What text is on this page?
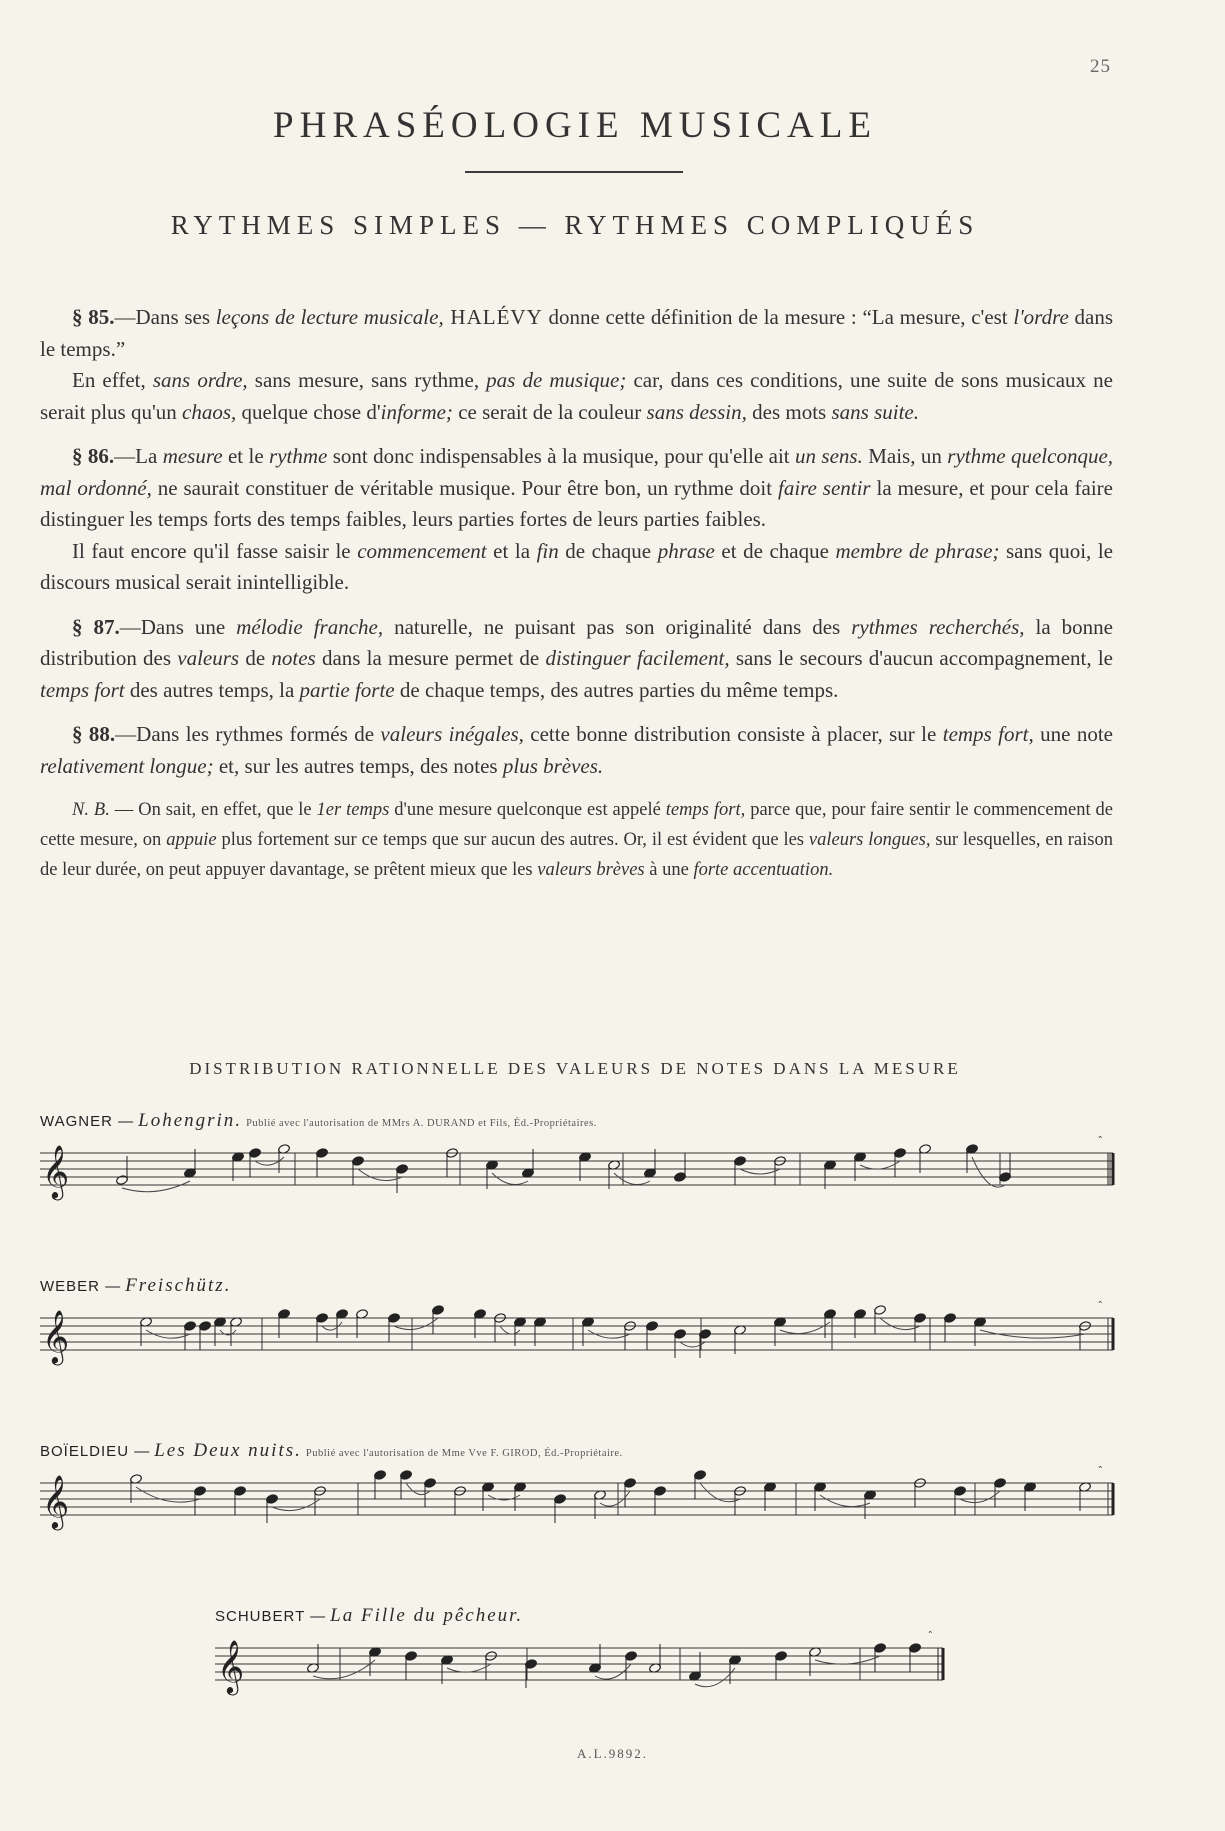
25
PHRASÉOLOGIE MUSICALE
RYTHMES SIMPLES — RYTHMES COMPLIQUÉS

§ 85.—Dans ses leçons de lecture musicale, HALÉVY donne cette définition de la mesure : “La mesure, c'est l'ordre dans le temps.”

En effet, sans ordre, sans mesure, sans rythme, pas de musique; car, dans ces conditions, une suite de sons musicaux ne serait plus qu'un chaos, quelque chose d'informe; ce serait de la couleur sans dessin, des mots sans suite.

§ 86.—La mesure et le rythme sont donc indispensables à la musique, pour qu'elle ait un sens. Mais, un rythme quelconque, mal ordonné, ne saurait constituer de véritable musique. Pour être bon, un rythme doit faire sentir la mesure, et pour cela faire distinguer les temps forts des temps faibles, leurs parties fortes de leurs parties faibles.

Il faut encore qu'il fasse saisir le commencement et la fin de chaque phrase et de chaque membre de phrase; sans quoi, le discours musical serait inintelligible.

§ 87.—Dans une mélodie franche, naturelle, ne puisant pas son originalité dans des rythmes recherchés, la bonne distribution des valeurs de notes dans la mesure permet de distinguer facilement, sans le secours d'aucun accompagnement, le temps fort des autres temps, la partie forte de chaque temps, des autres parties du même temps.

§ 88.—Dans les rythmes formés de valeurs inégales, cette bonne distribution consiste à placer, sur le temps fort, une note relativement longue; et, sur les autres temps, des notes plus brèves.

N. B. — On sait, en effet, que le 1er temps d'une mesure quelconque est appelé temps fort, parce que, pour faire sentir le commencement de cette mesure, on appuie plus fortement sur ce temps que sur aucun des autres. Or, il est évident que les valeurs longues, sur lesquelles, en raison de leur durée, on peut appuyer davantage, se prêtent mieux que les valeurs brèves à une forte accentuation.

DISTRIBUTION RATIONNELLE DES VALEURS DE NOTES DANS LA MESURE
WAGNER — Lohengrin. Publié avec l'autorisation de MMrs A. DURAND et Fils, Éd.-Propriétaires.
𝄞
WEBER — Freischütz.
𝄞
BOÏELDIEU — Les Deux nuits. Publié avec l'autorisation de Mme Vve F. GIROD, Éd.-Propriétaire.
𝄞
SCHUBERT — La Fille du pêcheur.
𝄞
A.L.9892.
